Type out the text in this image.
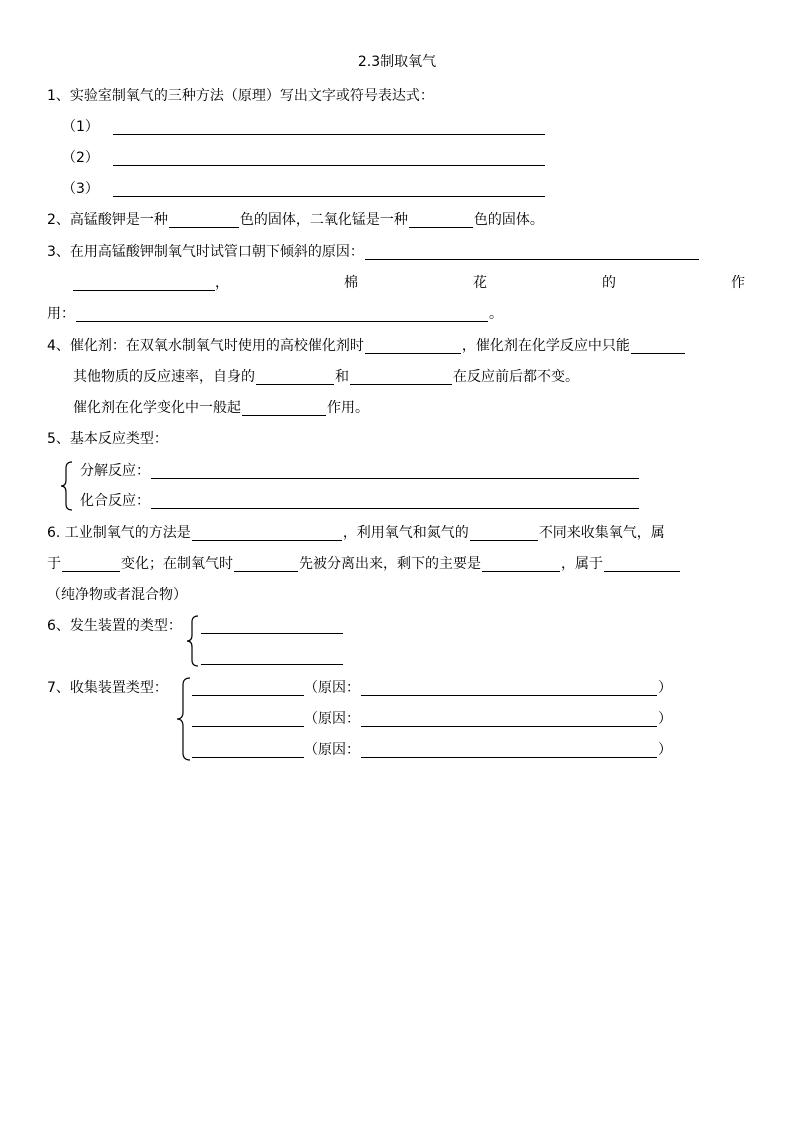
2.3制取氧气
1、实验室制氧气的三种方法（原理）写出文字或符号表达式：
（1）
（2）
（3）
2、高锰酸钾是一种	色的固体，二氧化锰是一种	色的固体。
3、在用高锰酸钾制氧气时试管口朝下倾斜的原因：
，	棉	花	的	作
用：	。
4、催化剂：在双氧水制氧气时使用的高校催化剂时	，催化剂在化学反应中只能
其他物质的反应速率，自身的	和	在反应前后都不变。
催化剂在化学变化中一般起	作用。
5、基本反应类型：
分解反应：
化合反应：
6. 工业制氧气的方法是	，利用氧气和氮气的	不同来收集氧气，属
于	变化；在制氧气时	先被分离出来，剩下的主要是	，属于
（纯净物或者混合物）
6、发生装置的类型：
7、收集装置类型：	（原因：	）
（原因：	）
（原因：	）
